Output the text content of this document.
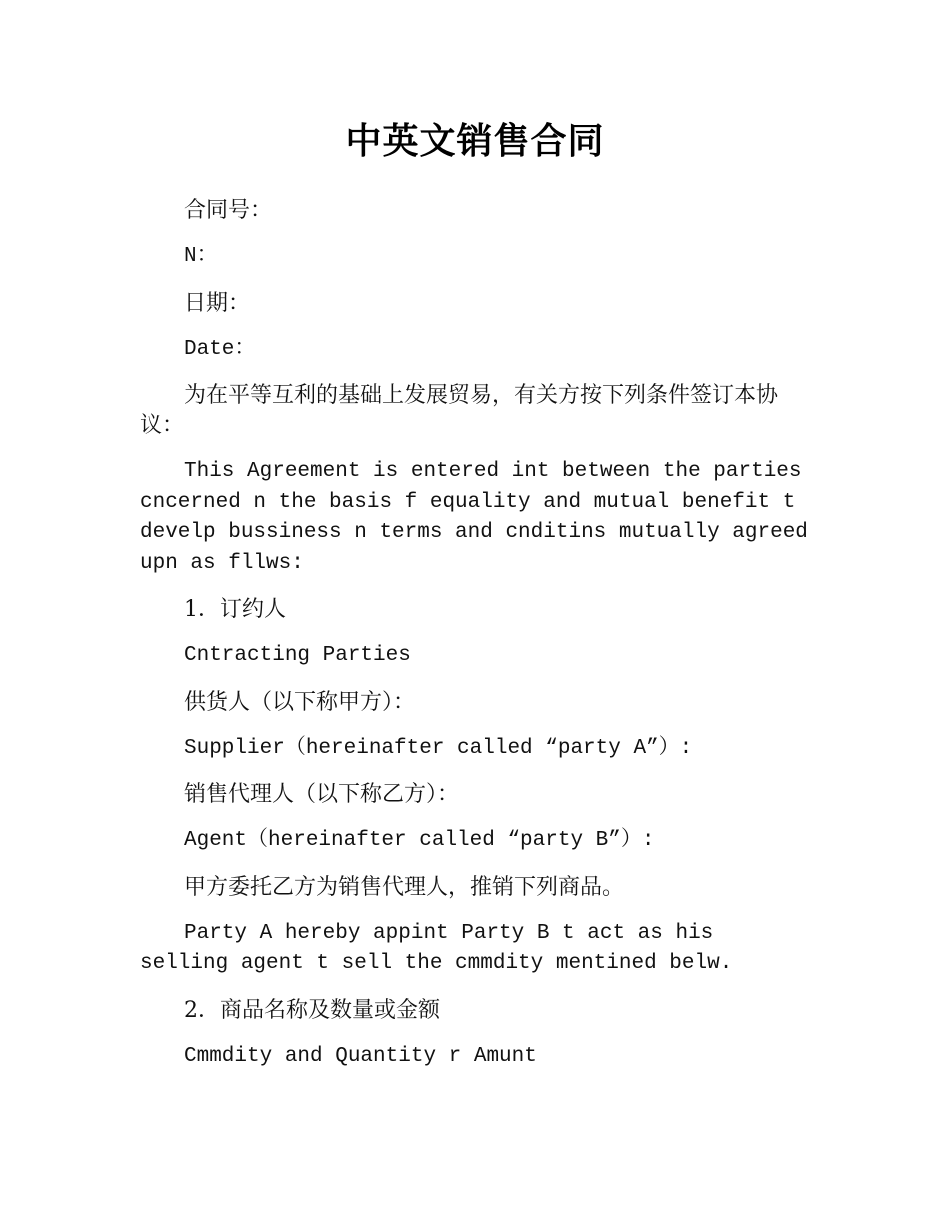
中英文销售合同

合同号：

N：

日期：

Date：

为在平等互利的基础上发展贸易，有关方按下列条件签订本协议：

This Agreement is entered int between the parties cncerned n the basis f equality and mutual benefit t develp bussiness n terms and cnditins mutually agreed upn as fllws:

1．订约人

Cntracting Parties

供货人（以下称甲方）：

Supplier（hereinafter called “party A”）:

销售代理人（以下称乙方）：

Agent（hereinafter called “party B”）:

甲方委托乙方为销售代理人，推销下列商品。

Party A hereby appint Party B t act as his selling agent t sell the cmmdity mentined belw.

2．商品名称及数量或金额

Cmmdity and Quantity r Amunt
